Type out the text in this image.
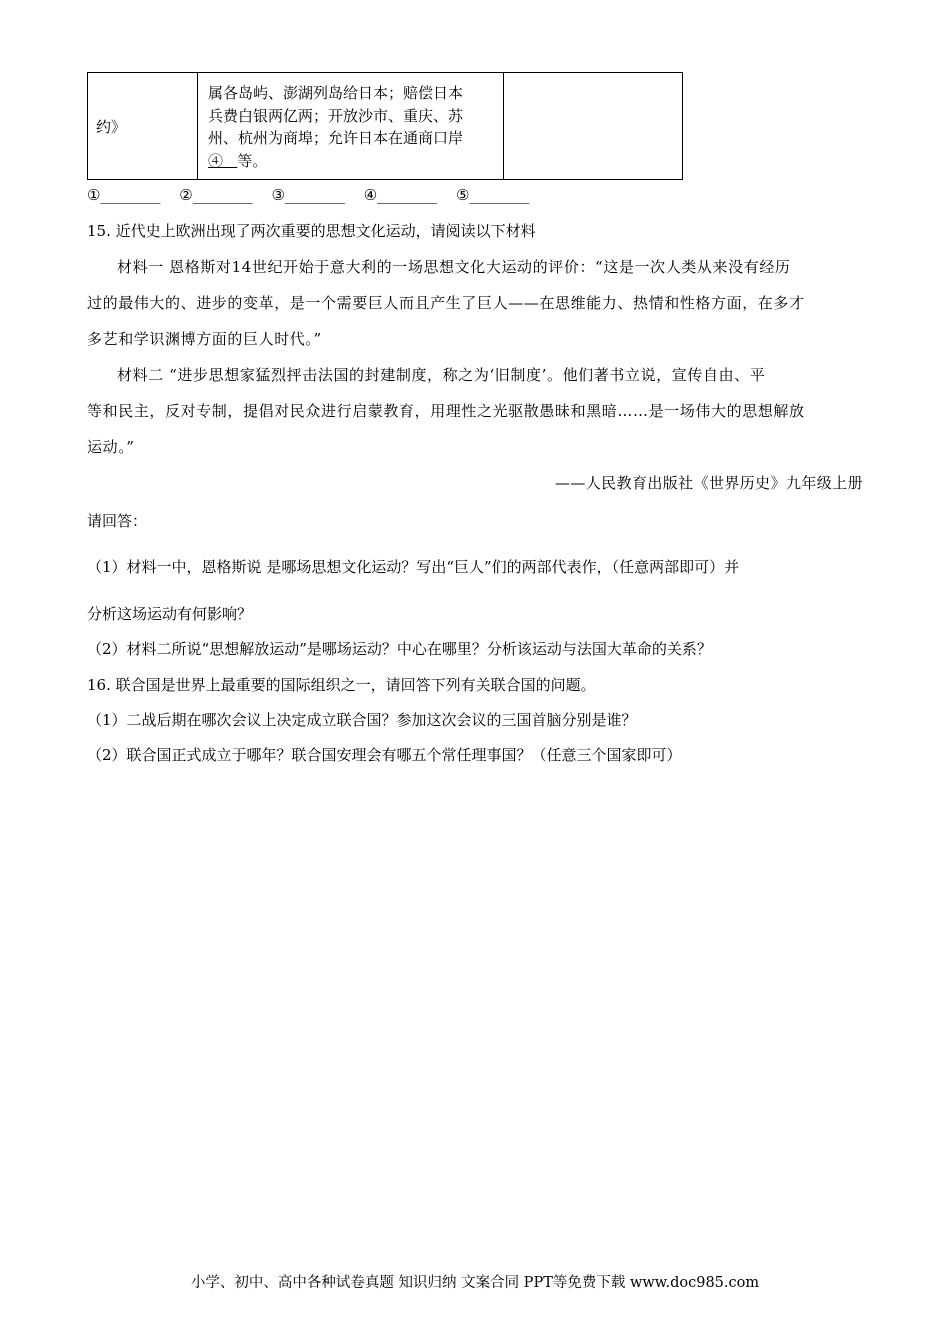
约》
属各岛屿、澎湖列岛给日本；赔偿日本
兵费白银两亿两；开放沙市、重庆、苏
州、杭州为商埠；允许日本在通商口岸
④ 等。
①________ ②________ ③________ ④________ ⑤________
15. 近代史上欧洲出现了两次重要的思想文化运动，请阅读以下材料
材料一 恩格斯对14世纪开始于意大利的一场思想文化大运动的评价：“这是一次人类从来没有经历
过的最伟大的、进步的变革，是一个需要巨人而且产生了巨人——在思维能力、热情和性格方面，在多才
多艺和学识渊博方面的巨人时代。”
材料二 “进步思想家猛烈抨击法国的封建制度，称之为‘旧制度’。他们著书立说，宣传自由、平
等和民主，反对专制，提倡对民众进行启蒙教育，用理性之光驱散愚昧和黑暗……是一场伟大的思想解放
运动。”
——人民教育出版社《世界历史》九年级上册
请回答：
（1）材料一中，恩格斯说 是哪场思想文化运动？写出“巨人”们的两部代表作，（任意两部即可）并
分析这场运动有何影响？
（2）材料二所说“思想解放运动”是哪场运动？中心在哪里？分析该运动与法国大革命的关系？
16. 联合国是世界上最重要的国际组织之一，请回答下列有关联合国的问题。
（1）二战后期在哪次会议上决定成立联合国？参加这次会议的三国首脑分别是谁？
（2）联合国正式成立于哪年？联合国安理会有哪五个常任理事国？（任意三个国家即可）
小学、初中、高中各种试卷真题 知识归纳 文案合同 PPT等免费下载 www.doc985.com
